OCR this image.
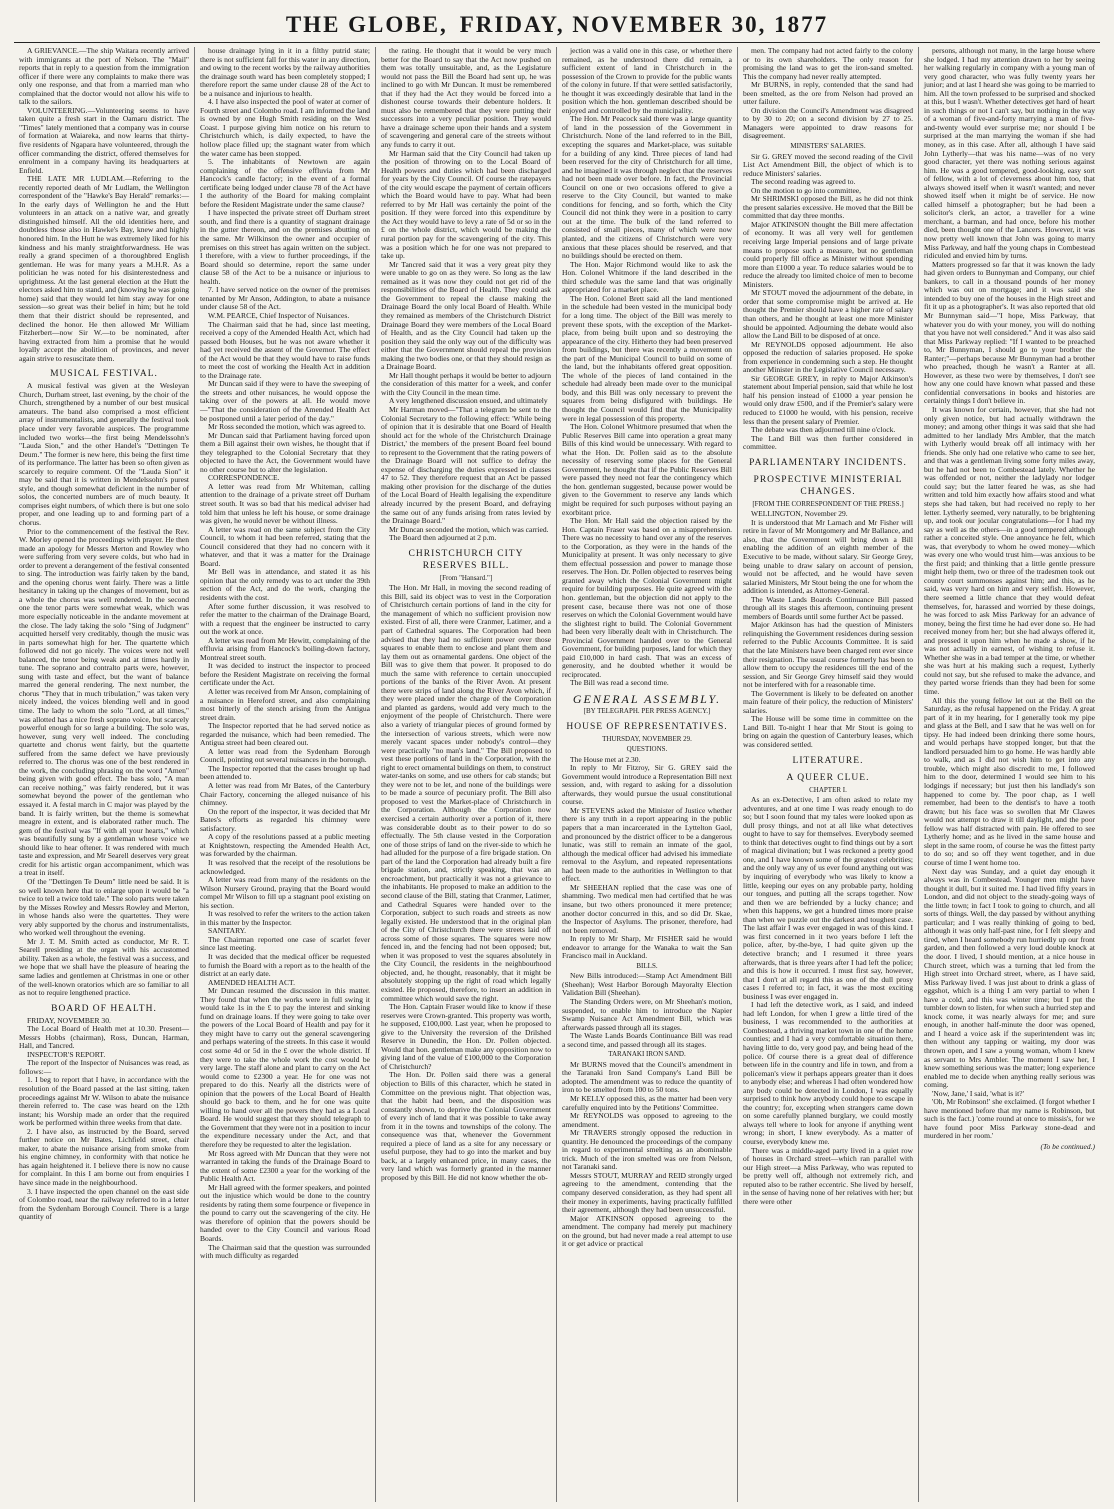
THE GLOBE, FRIDAY, NOVEMBER 30, 1877

A GRIEVANCE.—The ship Waitara recently arrived with immigrants at the port of Nelson. The "Mail" reports that in reply to a question from the immigration officer if there were any complaints to make there was only one response, and that from a married man who complained that the doctor would not allow his wife to talk to the sailors.

VOLUNTEERING.—Volunteering seems to have taken quite a fresh start in the Oamaru district. The "Times" lately mentioned that a company was in course of formation at Waiareka, and now learns that thirty-five residents of Ngapara have volunteered, through the officer commanding the district, offered themselves for enrolment in a company having its headquarters at Enfield.

THE LATE MR LUDLAM.—Referring to the recently reported death of Mr Ludlam, the Wellington correspondent of the "Hawke's Bay Herald" remarks:—In the early days of Wellington he and the Hutt volunteers in an attack on a native war, and greatly distinguished himself. All the old identities here, and doubtless those also in Hawke's Bay, knew and highly honored him. In the Hutt he was extremely liked for his kindness and his manly straightforwardness. He was really a grand specimen of a thoroughbred English gentleman. He was for many years a M.H.R. As a politician he was noted for his disinterestedness and uprightness. At the last general election at the Hutt the electors asked him to stand, and (knowing he was going home) said that they would let him stay away for one session—so great was their belief in him; but he told them that their district should be represented, and declined the honor. He then allowed Mr William Fitzherbert—now Sir W.—to be nominated, after having extracted from him a promise that he would loyally accept the abolition of provinces, and never again strive to resuscitate them.

MUSICAL FESTIVAL.

A musical festival was given at the Wesleyan Church, Durham street, last evening, by the choir of the Church, strengthened by a number of our best musical amateurs. The band also comprised a most efficient array of instrumentalists, and generally the festival took place under very favorable auspices. The programme included two works—the first being Mendelssohn's "Lauda Sion," and the other Handel's "Dettingen Te Deum." The former is new here, this being the first time of its performance. The latter has been so often given as scarcely to require comment. Of the "Lauda Sion" it may be said that it is written in Mendelssohn's purest style, and though somewhat deficient in the number of solos, the concerted numbers are of much beauty. It comprises eight numbers, of which there is but one solo proper, and one leading up to and forming part of a chorus.

Prior to the commencement of the festival the Rev. W. Morley opened the proceedings with prayer. He then made an apology for Messrs Merton and Rowley who were suffering from very severe colds, but who had in order to prevent a derangement of the festival consented to sing. The introduction was fairly taken by the band, and the opening chorus went fairly. There was a little hesitancy in taking up the changes of movement, but as a whole the chorus was well rendered. In the second one the tenor parts were somewhat weak, which was more especially noticeable in the andante movement at the close. The lady taking the solo "Sing of Judgment" acquitted herself very creditably, though the music was in parts somewhat high for her. The quartette which followed did not go nicely. The voices were not well balanced, the tenor being weak and at times hardly in tune. The soprano and contralto parts were, however, sung with taste and effect, but the want of balance marred the general rendering. The next number, the chorus "They that in much tribulation," was taken very nicely indeed, the voices blending well and in good time. The lady to whom the solo "Lord, at all times," was allotted has a nice fresh soprano voice, but scarcely powerful enough for so large a building. The solo was, however, sung very well indeed. The concluding quartette and chorus went fairly, but the quartette suffered from the same defect we have previously referred to. The chorus was one of the best rendered in the work, the concluding phrasing on the word "Amen" being given with good effect. The bass solo, "A man can receive nothing," was fairly rendered, but it was somewhat beyond the power of the gentleman who essayed it. A festal march in C major was played by the band. It is fairly written, but the theme is somewhat meagre in extent, and is elaborated rather much. The gem of the festival was "If with all your hearts," which was beautifully sung by a gentleman whose voice we should like to hear oftener. It was rendered with much taste and expression, and Mr Searell deserves very great credit for his artistic organ accompaniment, which was a treat in itself.

Of the "Dettingen Te Deum" little need be said. It is so well known here that to enlarge upon it would be "a twice to tell a twice told tale." The solo parts were taken by the Misses Rowley and Messrs Rowley and Merton, in whose hands also were the quartettes. They were very ably supported by the chorus and instrumentalists, who worked well throughout the evening.

Mr J. T. M. Smith acted as conductor, Mr R. T. Searell presiding at the organ with his accustomed ability. Taken as a whole, the festival was a success, and we hope that we shall have the pleasure of hearing the same ladies and gentlemen at Christmas in one or other of the well-known oratorios which are so familiar to all as not to require lengthened practice.

BOARD OF HEALTH.

FRIDAY, NOVEMBER 30.

The Local Board of Health met at 10.30. Present—Messrs Hobbs (chairman), Ross, Duncan, Harman, Hall, and Tancred.

INSPECTOR'S REPORT.

The report of the Inspector of Nuisances was read, as follows:—

1. I beg to report that I have, in accordance with the resolution of the Board passed at the last sitting, taken proceedings against Mr W. Wilson to abate the nuisance therein referred to. The case was heard on the 12th instant; his Worship made an order that the required work be performed within three weeks from that date.

2. I have also, as instructed by the Board, served further notice on Mr Bates, Lichfield street, chair maker, to abate the nuisance arising from smoke from his engine chimney, in conformity with that notice he has again heightened it. I believe there is now no cause for complaint. In this I am borne out from enquiries I have since made in the neighbourhood.

3. I have inspected the open channel on the east side of Colombo road, near the railway referred to in a letter from the Sydenham Borough Council. There is a large quantity of

house drainage lying in it in a filthy putrid state; there is not sufficient fall for this water in any direction, and owing to the recent works by the railway authorities the drainage south ward has been completely stopped; I therefore report the same under clause 28 of the Act to be a nuisance and injurious to health.

4. I have also inspected the pool of water at corner of Fourth street and Colombo road. I am informed the land is owned by one Hugh Smith residing on the West Coast. I purpose giving him notice on his return to Christchurch which, is daily expected, to have the hollow place filled up; the stagnant water from which the water came has been stopped.

5. The inhabitants of Newtown are again complaining of the offensive effluvia from Mr Hancock's candle factory; in the event of a formal certificate being lodged under clause 78 of the Act have I the authority of the Board for making complaint before the Resident Magistrate under the same clause?

I have inspected the private street off Durham street south, and find there is a quantity of stagnant drainage in the gutter thereon, and on the premises abutting on the same. Mr Wilkinson the owner and occupier of premises on this street has again written on the subject. I therefore, with a view to further proceedings, if the Board should so determine, report the same under clause 58 of the Act to be a nuisance or injurious to health.

7. I have served notice on the owner of the premises tenanted by Mr Anson, Addington, to abate a nuisance under clause 58 of the Act.

W.M. PEARCE, Chief Inspector of Nuisances.

The Chairman said that he had, since last meeting, received a copy of the Amended Health Act, which had passed both Houses, but he was not aware whether it had yet received the assent of the Governor. The effect of the Act would be that they would have to raise funds to meet the cost of working the Health Act in addition to the Drainage rate.

Mr Duncan said if they were to have the sweeping of the streets and other nuisances, he would oppose the taking over of the powers at all. He would move—"That the consideration of the Amended Health Act be postponed until a later period of the day."

Mr Ross seconded the motion, which was agreed to.

Mr Duncan said that Parliament having forced upon them a Bill against their own wishes, he thought that if they telegraphed to the Colonial Secretary that they objected to have the Act, the Government would have no other course but to alter the legislation.

CORRESPONDENCE.

A letter was read from Mr Whiteman, calling attention to the drainage of a private street off Durham street south. It was so bad that his medical adviser had told him that unless he left his house, or some drainage was given, he would never be without illness.

A letter was read on the same subject from the City Council, to whom it had been referred, stating that the Council considered that they had no concern with it whatever, and that it was a matter for the Drainage Board.

Mr Bell was in attendance, and stated it as his opinion that the only remedy was to act under the 39th section of the Act, and do the work, charging the residents with the cost.

After some further discussion, it was resolved to refer the matter to the chairman of the Drainage Board, with a request that the engineer be instructed to carry out the work at once.

A letter was read from Mr Hewitt, complaining of the effluvia arising from Hancock's boiling-down factory, Montreal street south.

It was decided to instruct the inspector to proceed before the Resident Magistrate on receiving the formal certificate under the Act.

A letter was received from Mr Anson, complaining of a nuisance in Hereford street, and also complaining most bitterly of the stench arising from the Antigua street drain.

The Inspector reported that he had served notice as regarded the nuisance, which had been remedied. The Antigua street had been cleared out.

A letter was read from the Sydenham Borough Council, pointing out several nuisances in the borough.

The Inspector reported that the cases brought up had been attended to.

A letter was read from Mr Bates, of the Canterbury Chair Factory, concerning the alleged nuisance of his chimney.

On the report of the inspector, it was decided that Mr Bates's efforts as regarded his chimney were satisfactory.

A copy of the resolutions passed at a public meeting at Knightstown, respecting the Amended Health Act, was forwarded by the chairman.

It was resolved that the receipt of the resolutions be acknowledged.

A letter was read from many of the residents on the Wilson Nursery Ground, praying that the Board would compel Mr Wilson to fill up a stagnant pool existing on his section.

It was resolved to refer the writers to the action taken in this matter by the Inspector.

SANITARY.

The Chairman reported one case of scarlet fever since last meeting.

It was decided that the medical officer be requested to furnish the Board with a report as to the health of the district at an early date.

AMENDED HEALTH ACT.

Mr Duncan resumed the discussion in this matter. They found that when the works were in full swing it would take 1s in the £ to pay the interest and sinking fund on drainage loans. If they were going to take over the powers of the Local Board of Health and pay for it they might have to carry out the general scavengering and perhaps watering of the streets. In this case it would cost some 4d or 5d in the £ over the whole district. If they were to take the whole work the cost would be very large. The staff alone and plant to carry on the Act would come to £2300 a year. He for one was not prepared to do this. Nearly all the districts were of opinion that the powers of the Local Board of Health should go back to them, and he for one was quite willing to hand over all the powers they had as a Local Board. He would suggest that they should telegraph to the Government that they were not in a position to incur the expenditure necessary under the Act, and that therefore they be requested to alter the legislation.

Mr Ross agreed with Mr Duncan that they were not warranted in taking the funds of the Drainage Board to the extent of some £2300 a year for the working of the Public Health Act.

Mr Hall agreed with the former speakers, and pointed out the injustice which would be done to the country residents by rating them some fourpence or fivepence in the pound to carry out the scavengering of the city. He was therefore of opinion that the powers should be handed over to the City Council and various Road Boards.

The Chairman said that the question was surrounded with much difficulty as regarded

the rating. He thought that it would be very much better for the Board to say that the Act now pushed on them was totally unsuitable, and, as the Legislature would not pass the Bill the Board had sent up, he was inclined to go with Mr Duncan. It must be remembered that if they had the Act they would be forced into a dishonest course towards their debenture holders. It must also be remembered that they were putting their successors into a very peculiar position. They would have a drainage scheme upon their hands and a system of scavengering and general care of the streets without any funds to carry it out.

Mr Harman said that the City Council had taken up the position of throwing on to the Local Board of Health powers and duties which had been discharged for years by the City Council. Of course the ratepayers of the city would escape the payment of certain officers which the Board would have to pay. What had been referred to by Mr Hall was certainly the point of the position. If they were forced into this expenditure by the Act they would have to levy a rate of 5d or so in the £ on the whole district, which would be making the rural portion pay for the scavengering of the city. This was a position which he for one was not prepared to take up.

Mr Tancred said that it was a very great pity they were unable to go on as they were. So long as the law remained as it was now they could not get rid of the responsibilities of the Board of Health. They could ask the Government to repeal the clause making the Drainage Board the only local Board of Health. While they remained as members of the Christchurch District Drainage Board they were members of the Local Board of Health, and as the City Council had taken up the position they said the only way out of the difficulty was either that the Government should repeal the provision making the two bodies one, or that they should resign as a Drainage Board.

Mr Hall thought perhaps it would be better to adjourn the consideration of this matter for a week, and confer with the City Council in the mean time.

A very lengthened discussion ensued, and ultimately

Mr Harman moved—"That a telegram be sent to the Colonial Secretary to the following effect: 'While being of opinion that it is desirable that one Board of Health should act for the whole of the Christchurch Drainage District,' the members of the present Board feel bound to represent to the Government that the rating powers of the Drainage Board will not suffice to defray the expense of discharging the duties expressed in clauses 47 to 52. They therefore request that an Act be passed making other provision for the discharge of the duties of the Local Board of Health legalising the expenditure already incurred by the present Board, and defraying the same out of any funds arising from rates levied by the Drainage Board."

Mr Duncan seconded the motion, which was carried.

The Board then adjourned at 2 p.m.

CHRISTCHURCH CITY RESERVES BILL.
[From "Hansard."]

The Hon. Mr Hall, in moving the second reading of this Bill, said its object was to vest in the Corporation of Christchurch certain portions of land in the city for the management of which no sufficient provision now existed. First of all, there were Cranmer, Latimer, and a part of Cathedral squares. The Corporation had been advised that they had no sufficient power over those squares to enable them to enclose and plant them and lay them out as ornamental gardens. One object of the Bill was to give them that power. It proposed to do much the same with reference to certain unoccupied portions of the banks of the River Avon. At present there were strips of land along the River Avon which, if they were placed under the charge of the Corporation and planted as gardens, would add very much to the enjoyment of the people of Christchurch. There were also a variety of triangular pieces of ground formed by the intersection of various streets, which were now merely vacant spaces under nobody's control—they were practically "no man's land." The Bill proposed to vest these portions of land in the Corporation, with the right to erect ornamental buildings on them, to construct water-tanks on some, and use others for cab stands; but they were not to be let, and none of the buildings were to be made a source of pecuniary profit. The Bill also proposed to vest the Market-place of Christchurch in the Corporation. Although the Corporation now exercised a certain authority over a portion of it, there was considerable doubt as to their power to do so effectually. The 5th clause vested in the Corporation one of those strips of land on the river-side to which he had alluded for the purpose of a fire brigade station. On part of the land the Corporation had already built a fire brigade station, and, strictly speaking, that was an encroachment, but practically it was not a grievance to the inhabitants. He proposed to make an addition to the second clause of the Bill, stating that Cranmer, Latimer, and Cathedral Squares were handed over to the Corporation, subject to such roads and streets as now legally existed. He understood that in the original plan of the City of Christchurch there were streets laid off across some of those squares. The squares were now fenced in, and the fencing had not been opposed; but, when it was proposed to vest the squares absolutely in the City Council, the residents in the neighbourhood objected, and, he thought, reasonably, that it might be absolutely stopping up the right of road which legally existed. He proposed, therefore, to insert an addition in committee which would save the right.

The Hon. Captain Fraser would like to know if these reserves were Crown-granted. This property was worth, he supposed, £100,000. Last year, when he proposed to give to the University the reversion of the Drilshed Reserve in Dunedin, the Hon. Dr. Pollen objected. Would that hon. gentleman make any opposition now to giving land of the value of £100,000 to the Corporation of Christchurch?

The Hon. Dr. Pollen said there was a general objection to Bills of this character, which he stated in Committee on the previous night. That objection was, that the habit had been, and the disposition was constantly shown, to deprive the Colonial Government of every inch of land that it was possible to take away from it in the towns and townships of the colony. The consequence was that, whenever the Government required a piece of land as a site for any necessary or useful purpose, they had to go into the market and buy back, at a largely enhanced price, in many cases, the very land which was formerly granted in the manner proposed by this Bill. He did not know whether the ob-

jection was a valid one in this case, or whether there remained, as he understood there did remain, a sufficient extent of land in Christchurch in the possession of the Crown to provide for the public wants of the colony in future. If that were settled satisfactorily, he thought it was exceedingly desirable that land in the position which the hon. gentleman described should be enjoyed and controlled by the municipality.

The Hon. Mr Peacock said there was a large quantity of land in the possession of the Government in Christchurch. None of the land referred to in the Bill, excepting the squares and Market-place, was suitable for a building of any kind. Three pieces of land had been reserved for the city of Christchurch for all time, and he imagined it was through neglect that the reserves had not been made over before. In fact, the Provincial Council on one or two occasions offered to give a reserve to the City Council, but wanted to make conditions for fencing, and so forth, which the City Council did not think they were in a position to carry out at the time. The bulk of the land referred to consisted of small pieces, many of which were now planted, and the citizens of Christchurch were very anxious that these places should be reserved, and that no buildings should be erected on them.

The Hon. Major Richmond would like to ask the Hon. Colonel Whitmore if the land described in the third schedule was the same land that was originally appropriated for a market place.

The Hon. Colonel Brett said all the land mentioned in the schedule had been vested in the municipal body for a long time. The object of the Bill was merely to prevent these spots, with the exception of the Market-place, from being built upon and so destroying the appearance of the city. Hitherto they had been preserved from buildings, but there was recently a movement on the part of the Municipal Council to build on some of the land, but the inhabitants offered great opposition. The whole of the pieces of land contained in the schedule had already been made over to the municipal body, and this Bill was only necessary to prevent the squares from being disfigured with buildings. He thought the Council would find that the Municipality were in legal possession of this property.

The Hon. Colonel Whitmore presumed that when the Public Reserves Bill came into operation a great many Bills of this kind would be unnecessary. With regard to what the Hon. Dr. Pollen said as to the absolute necessity of reserving some places for the General Government, he thought that if the Public Reserves Bill were passed they need not fear the contingency which the hon. gentleman suggested, because power would be given to the Government to reserve any lands which might be required for such purposes without paying an exorbitant price.

The Hon. Mr Hall said the objection raised by the Hon. Captain Fraser was based on a misapprehension. There was no necessity to hand over any of the reserves to the Corporation, as they were in the hands of the Municipality at present. It was only necessary to give them effectual possession and power to manage those reserves. The Hon. Dr. Pollen objected to reserves being granted away which the Colonial Government might require for building purposes. He quite agreed with the hon. gentleman, but the objection did not apply to the present case, because there was not one of those reserves on which the Colonial Government would have the slightest right to build. The Colonial Government had been very liberally dealt with in Christchurch. The Provincial Government handed over to the General Government, for building purposes, land for which they paid £10,000 in hard cash. That was an excess of generosity, and he doubted whether it would be reciprocated.

The Bill was read a second time.

GENERAL ASSEMBLY.
[BY TELEGRAPH. PER PRESS AGENCY.]
HOUSE OF REPRESENTATIVES.
THURSDAY, NOVEMBER 29.
QUESTIONS.

The House met at 2.30.

In reply to Mr Fitzroy, Sir G. GREY said the Government would introduce a Representation Bill next session, and, with regard to asking for a dissolution afterwards, they would pursue the usual constitutional course.

Mr STEVENS asked the Minister of Justice whether there is any truth in a report appearing in the public papers that a man incarcerated in the Lyttelton Gaol, and pronounced by the district officer to be a dangerous lunatic, was still to remain an inmate of the gaol, although the medical officer had advised his immediate removal to the Asylum, and repeated representations had been made to the authorities in Wellington to that effect.

Mr SHEEHAN replied that the case was one of shamming. Two medical men had certified that he was insane, but two others pronounced it mere pretence; another doctor concurred in this, and so did Dr. Skae, the Inspector of Asylums. The prisoner, therefore, had not been removed.

In reply to Mr Sharp, Mr FISHER said he would endeavor to arrange for the Wanaka to wait the San Francisco mail in Auckland.

BILLS.

New Bills introduced:—Stamp Act Amendment Bill (Sheehan); West Harbor Borough Mayoralty Election Validation Bill (Sheehan).

The Standing Orders were, on Mr Sheehan's motion, suspended, to enable him to introduce the Napier Swamp Nuisance Act Amendment Bill, which was afterwards passed through all its stages.

The Waste Lands Boards Continuance Bill was read a second time, and passed through all its stages.

TARANAKI IRON SAND.

Mr BURNS moved that the Council's amendment in the Taranaki Iron Sand Company's Land Bill be adopted. The amendment was to reduce the quantity of iron to be smelted from 100 to 50 tons.

Mr KELLY opposed this, as the matter had been very carefully enquired into by the Petitions' Committee.

Mr REYNOLDS was opposed to agreeing to the amendment.

Mr TRAVERS strongly opposed the reduction in quantity. He denounced the proceedings of the company in regard to experimental smelting as an abominable trick. Much of the iron smelted was ore from Nelson, not Taranaki sand.

Messrs STOUT, MURRAY and REID strongly urged agreeing to the amendment, contending that the company deserved consideration, as they had spent all their money in experiments, having practically fulfilled their agreement, although they had been unsuccessful.

Major ATKINSON opposed agreeing to the amendment. The company had merely put machinery on the ground, but had never made a real attempt to use it or get advice or practical

men. The company had not acted fairly to the colony or to its own shareholders. The only reason for promising the land was to get the iron-sand smelted. This the company had never really attempted.

Mr BURNS, in reply, contended that the sand had been smelted, as the ore from Nelson had proved an utter failure.

On division the Council's Amendment was disagreed to by 30 to 20; on a second division by 27 to 25. Managers were appointed to draw reasons for disagreement.

MINISTERS' SALARIES.

Sir G. GREY moved the second reading of the Civil List Act Amendment Bill, the object of which is to reduce Ministers' salaries.

The second reading was agreed to.

On the motion to go into committee,

Mr SHRIMSKI opposed the Bill, as he did not think the present salaries excessive. He moved that the Bill be committed that day three months.

Major ATKINSON thought the Bill mere affectation of economy. It was all very well for gentlemen receiving large Imperial pensions and of large private means to propose such a measure, but no gentleman could properly fill office as Minister without spending more than £1000 a year. To reduce salaries would be to reduce the already too limited choice of men to become Ministers.

Mr STOUT moved the adjournment of the debate, in order that some compromise might be arrived at. He thought the Premier should have a higher rate of salary than others, and he thought at least one more Minister should be appointed. Adjourning the debate would also allow the Land Bill to be disposed of at once.

Mr REYNOLDS opposed adjournment. He also opposed the reduction of salaries proposed. He spoke from experience in condemning such a step. He thought another Minister in the Legislative Council necessary.

Sir GEORGE GREY, in reply to Major Atkinson's statement about Imperial pension, said that while he lost half his pension instead of £1000 a year pension he would only draw £500, and if the Premier's salary were reduced to £1000 he would, with his pension, receive less than the present salary of Premier.

The debate was then adjourned till nine o'clock.

The Land Bill was then further considered in committee.

PARLIAMENTARY INCIDENTS.
PROSPECTIVE MINISTERIAL CHANGES.
[FROM THE CORRESPONDENT OF THE PRESS.]

WELLINGTON, November 29.

It is understood that Mr Larnach and Mr Fisher will retire in favor of Mr Montgomery and Mr Ballance, and also, that the Government will bring down a Bill enabling the addition of an eighth member of the Executive to be made, without salary. Sir George Grey, being unable to draw salary on account of pension, would not be affected, and he would have seven salaried Ministers, Mr Stout being the one for whom the addition is intended, as Attorney-General.

The Waste Lands Boards Continuance Bill passed through all its stages this afternoon, continuing present members of Boards until some further Act be passed.

Major Atkinson has had the question of Ministers relinquishing the Government residences during session referred to the Public Accounts Committee. It is said that the late Ministers have been charged rent ever since their resignation. The usual course formerly has been to allow them to occupy the residences till the end of the session, and Sir George Grey himself said they would not be interfered with for a reasonable time.

The Government is likely to be defeated on another main feature of their policy, the reduction of Ministers' salaries.

The House will be some time in committee on the Land Bill. To-night I hear that Mr Stout is going to bring on again the question of Canterbury leases, which was considered settled.

LITERATURE.
A QUEER CLUE.
CHAPTER I.

As an ex-Detective, I am often asked to relate my adventures, and at one time I was ready enough to do so; but I soon found that my tales were looked upon as dull prosy things, and not at all like what detectives ought to have to say for themselves. Everybody seemed to think that detectives ought to find things out by a sort of magical divination; but I was reckoned a pretty good one, and I have known some of the greatest celebrities; and the only way any of us ever found anything out was by inquiring of everybody who was likely to know a little, keeping our eyes on any probable party, holding our tongues, and putting all the scraps together. Now and then we are befriended by a lucky chance; and when this happens, we get a hundred times more praise than when we puzzle out the darkest and toughest case. The last affair I was ever engaged in was of this kind. I was first concerned in it two years before I left the police, after, by-the-bye, I had quite given up the detective branch; and I resumed it three years afterwards, that is three years after I had left the police; and this is how it occurred. I must first say, however, that I don't at all regard this as one of the dull prosy cases I referred to; in fact, it was the most exciting business I was ever engaged in.

I had left the detective work, as I said, and indeed had left London, for when I grew a little tired of the business, I was recommended to the authorities at Combestead, a thriving market town in one of the home counties; and I had a very comfortable situation there, having little to do, very good pay, and being head of the police. Of course there is a great deal of difference between life in the country and life in town, and from a policeman's view it perhaps appears greater than it does to anybody else; and whereas I had often wondered how any body could be detected in London, I was equally surprised to think how anybody could hope to escape in the country; for, excepting when strangers came down on some carefully planned burglary, we could mostly always tell where to look for anyone if anything went wrong; in short, I knew everybody. As a matter of course, everybody knew me.

There was a middle-aged party lived in a quiet row of houses in Orchard street—which ran parallel with our High street—a Miss Parkway, who was reputed to be pretty well off, although not extremely rich, and reputed also to be rather eccentric. She lived by herself, in the sense of having none of her relatives with her; but there were other

persons, although not many, in the large house where she lodged. I had my attention drawn to her by seeing her walking regularly in company with a young man of very good character, who was fully twenty years her junior; and at last I heard she was going to be married to him. All the town professed to be surprised and shocked at this, but I wasn't. Whether detectives get hard of heart in such things or not I can't say, but nothing in the way of a woman of five-and-forty marrying a man of five-and-twenty would ever surprise me; nor should I be surprised at the man marrying the woman if she had money, as in this case. After all, although I have said John Lytherly—that was his name—was of no very good character, yet there was nothing serious against him. He was a good tempered, good-looking, easy sort of fellow, with a lot of cleverness about him too, that always showed itself when it wasn't wanted; and never showed itself when it might be of service. He now called himself a photographer; but he had been a solicitor's clerk, an actor, a traveller for a wine merchant, a barman, and had once, before his mother died, been thought one of the Lancers. However, it was now pretty well known that John was going to marry Miss Parkway, and half the young chaps in Combestead ridiculed and envied him by turns.

Matters progressed so far that it was known the lady had given orders to Bunnyman and Company, our chief bankers, to call in a thousand pounds of her money which was out on mortgage; and it was said she intended to buy one of the houses in the High street and fit it up as a photographer's. It was also reported that old Mr Bunnyman said—"I hope, Miss Parkway, that whatever you do with your money, you will do nothing that you have not well considered." And it was also said that Miss Parkway replied: "If I wanted to be preached to, Mr Bunnyman, I should go to your brother the Ranter;"—perhaps because Mr Bunnyman had a brother who preached, though he wasn't a Ranter at all. However, as these two were by themselves, I don't see how any one could have known what passed and these confidential conversations in books and histories are certainly things I don't believe in.

It was known for certain, however, that she had not only given notice, but had actually withdrawn the money; and among other things it was said that she had admitted to her landlady Mrs Ambler, that the match with Lytherly would break off all intimacy with her friends. She only had one relative who came to see her, and that was a gentleman living some forty miles away, but he had not been to Combestead lately. Whether he was offended or not, neither the ladylady nor lodger could say; but the latter feared he was, as she had written and told him exactly how affairs stood and what steps she had taken, but had received no reply to her letter. Lytherly seemed, very naturally, to be brightening up, and took our jocular congratulations—for I had my say as well as the others—in a good tempered although rather a conceited style. One annoyance he felt, which was, that everybody to whom he owed money—which was every one who would trust him—was anxious to be the first paid; and thinking that a little gentle pressure might help them, two or three of the tradesmen took out county court summonses against him; and this, as he said, was very hard on him and very selfish. However, there seemed a little chance that they would defeat themselves, for, harassed and worried by these doings, he was forced to ask Miss Parkway for an advance of money, being the first time he had ever done so. He had received money from her; but she had always offered it, and pressed it upon him when he made a show, if he was not actually in earnest, of wishing to refuse it. Whether she was in a bad temper at the time, or whether she was hurt at his making such a request, Lytherly could not say, but she refused to make the advance, and they parted worse friends than they had been for some time.

All this the young fellow let out at the Bell on the Saturday, as the refusal happened on the Friday. A great part of it in my hearing, for I generally took my pipe and glass at the Bell, and I saw that he was well on for tipsy. He had indeed been drinking there some hours, and would perhaps have stopped longer, but that the landlord persuaded him to go home. He was hardly able to walk, and as I did not wish him to get into any trouble, which might also discredit to me, I followed him to the door, determined I would see him to his lodgings if necessary; but just then his landlady's son happened to come by. The poor chap, as I well remember, had been to the dentist's to have a tooth drawn; but his face was so swollen that Mr Clawes would not attempt to draw it till daylight, and the poor fellow was half distracted with pain. He offered to see Lytherly home; and as he lived in the same house and slept in the same room, of course he was the fittest party to do so; and so off they went together, and in due course of time I went home too.

Next day was Sunday, and a quiet day enough it always was in Combestead. Younger men might have thought it dull, but it suited me. I had lived fifty years in London, and did not object to the steady-going ways of the little town; in fact I took to going to church, and all sorts of things. Well, the day passed by without anything particular; and I was really thinking of going to bed, although it was only half-past nine, for I felt sleepy and tired, when I heard somebody run hurriedly up our front garden, and then followed a very loud double knock at the door. I lived, I should mention, at a nice house in Church street, which was a turning that led from the High street into Orchard street, where, as I have said, Miss Parkway lived. I was just about to drink a glass of eggshot, which is a thing I am very partial to when I have a cold, and this was winter time; but I put the tumbler down to listen, for when such a hurried step and knock come, it was nearly always for me; and sure enough, in another half-minute the door was opened, and I heard a voice ask if the superintendent was in; then without any tapping or waiting, my door was thrown open, and I saw a young woman, whom I knew as servant to Mrs Ambler. The moment I saw her, I knew something serious was the matter; long experience enabled me to decide when anything really serious was coming.

'Now, Jane,' I said, 'what is it?'

'Oh, Mr Robinson!' she exclaimed. (I forgot whether I have mentioned before that my name is Robinson, but such is the fact.) 'come round at once to missis's, for we have found poor Miss Parkway stone-dead and murdered in her room.'

(To be continued.)
